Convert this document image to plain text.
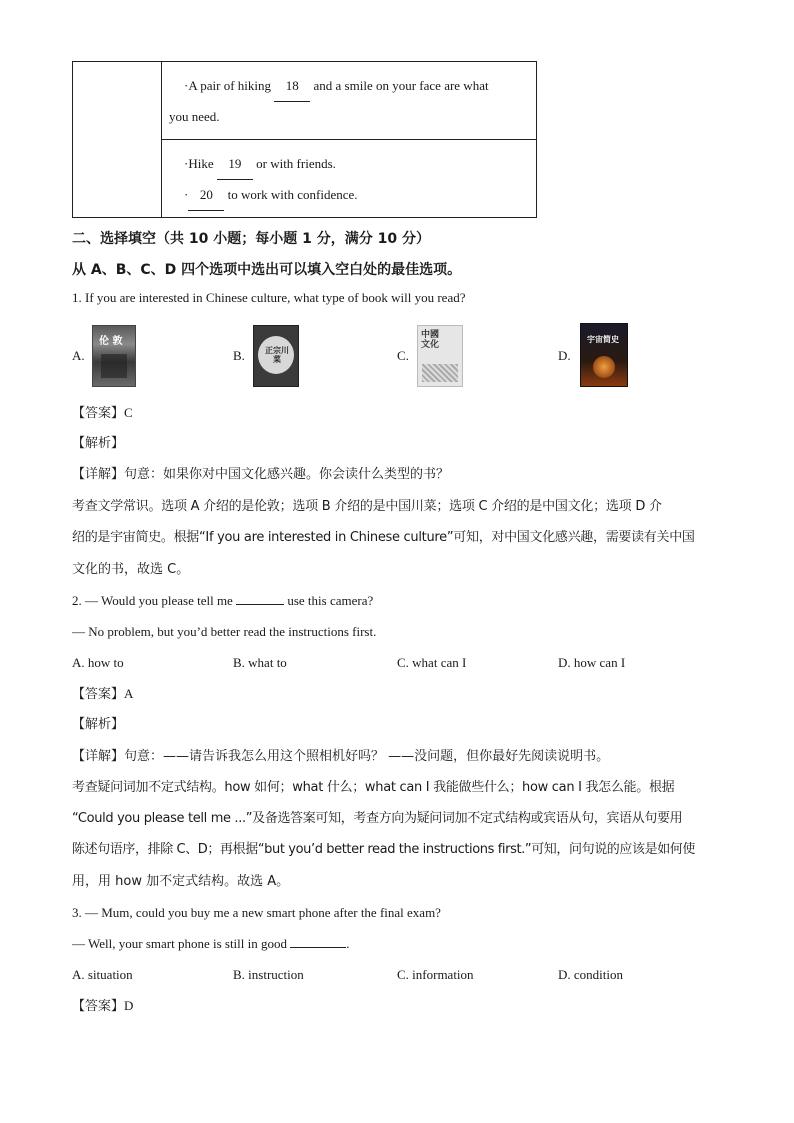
·A pair of hiking 18 and a smile on your face are what
you need.

·Hike 19 or with friends.
· 20 to work with confidence.
二、选择填空（共 10 小题；每小题 1 分，满分 10 分）
从 A、B、C、D 四个选项中选出可以填入空白处的最佳选项。
1. If you are interested in Chinese culture, what type of book will you read?
A.
伦 敦
B.	正宗川菜	C.
中國文化
D.
宇宙简史
【答案】C
【解析】
【详解】句意：如果你对中国文化感兴趣。你会读什么类型的书？
考查文学常识。选项 A 介绍的是伦敦；选项 B 介绍的是中国川菜；选项 C 介绍的是中国文化；选项 D 介
绍的是宇宙简史。根据“If you are interested in Chinese culture”可知，对中国文化感兴趣，需要读有关中国
文化的书，故选 C。
2. — Would you please tell me	use this camera?
— No problem, but you’d better read the instructions first.
A. how to	B. what to	C. what can I	D. how can I
【答案】A
【解析】
【详解】句意：——请告诉我怎么用这个照相机好吗？ ——没问题，但你最好先阅读说明书。
考查疑问词加不定式结构。how 如何；what 什么；what can I 我能做些什么；how can I 我怎么能。根据
“Could you please tell me ...”及备选答案可知，考查方向为疑问词加不定式结构或宾语从句，宾语从句要用
陈述句语序，排除 C、D；再根据“but you’d better read the instructions first.”可知，问句说的应该是如何使
用，用 how 加不定式结构。故选 A。
3. — Mum, could you buy me a new smart phone after the final exam?
— Well, your smart phone is still in good	.
A. situation	B. instruction	C. information	D. condition
【答案】D
